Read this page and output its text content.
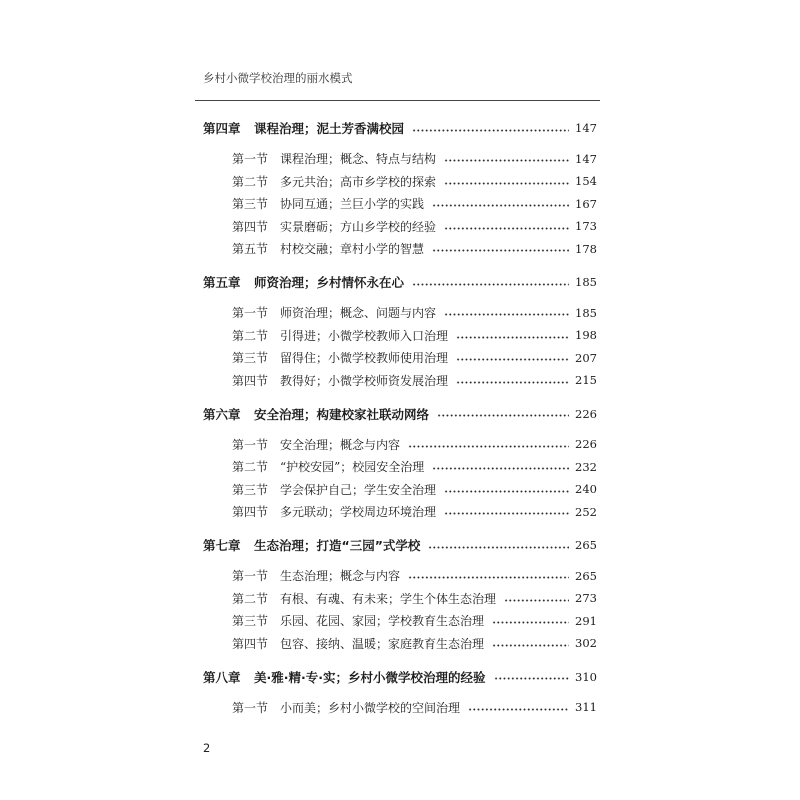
乡村小微学校治理的丽水模式
第四章	课程治理；泥土芳香满校园	147
第一节 课程治理；概念、特点与结构	147
第二节 多元共治；高市乡学校的探索	154
第三节 协同互通；兰巨小学的实践	167
第四节 实景磨砺；方山乡学校的经验	173
第五节 村校交融；章村小学的智慧	178
第五章	师资治理；乡村情怀永在心	185
第一节 师资治理；概念、问题与内容	185
第二节 引得进；小微学校教师入口治理	198
第三节 留得住；小微学校教师使用治理	207
第四节 教得好；小微学校师资发展治理	215
第六章	安全治理；构建校家社联动网络	226
第一节 安全治理；概念与内容	226
第二节 “护校安园”；校园安全治理	232
第三节 学会保护自己；学生安全治理	240
第四节 多元联动；学校周边环境治理	252
第七章	生态治理；打造“三园”式学校	265
第一节 生态治理；概念与内容	265
第二节 有根、有魂、有未来；学生个体生态治理	273
第三节 乐园、花园、家园；学校教育生态治理	291
第四节 包容、接纳、温暖；家庭教育生态治理	302
第八章	美·雅·精·专·实；乡村小微学校治理的经验	310
第一节 小而美；乡村小微学校的空间治理	311
2
